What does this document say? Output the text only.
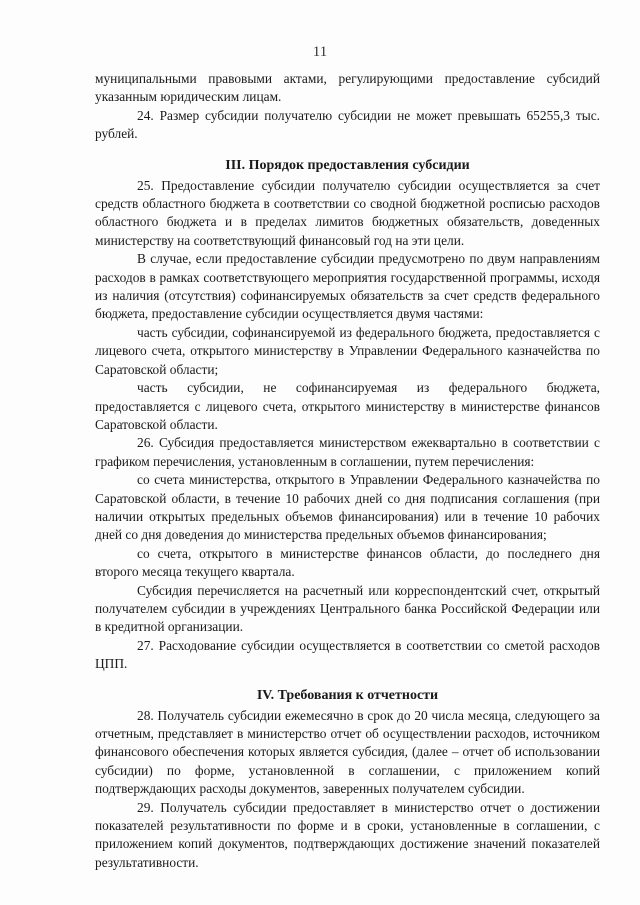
11

муниципальными правовыми актами, регулирующими предоставление субсидий указанным юридическим лицам.

24. Размер субсидии получателю субсидии не может превышать 65255,3 тыс. рублей.

III. Порядок предоставления субсидии

25. Предоставление субсидии получателю субсидии осуществляется за счет средств областного бюджета в соответствии со сводной бюджетной росписью расходов областного бюджета и в пределах лимитов бюджетных обязательств, доведенных министерству на соответствующий финансовый год на эти цели.

В случае, если предоставление субсидии предусмотрено по двум направлениям расходов в рамках соответствующего мероприятия государственной программы, исходя из наличия (отсутствия) софинансируемых обязательств за счет средств федерального бюджета, предоставление субсидии осуществляется двумя частями:

часть субсидии, софинансируемой из федерального бюджета, предоставляется с лицевого счета, открытого министерству в Управлении Федерального казначейства по Саратовской области;

часть субсидии, не софинансируемая из федерального бюджета, предоставляется с лицевого счета, открытого министерству в министерстве финансов Саратовской области.

26. Субсидия предоставляется министерством ежеквартально в соответствии с графиком перечисления, установленным в соглашении, путем перечисления:

со счета министерства, открытого в Управлении Федерального казначейства по Саратовской области, в течение 10 рабочих дней со дня подписания соглашения (при наличии открытых предельных объемов финансирования) или в течение 10 рабочих дней со дня доведения до министерства предельных объемов финансирования;

со счета, открытого в министерстве финансов области, до последнего дня второго месяца текущего квартала.

Субсидия перечисляется на расчетный или корреспондентский счет, открытый получателем субсидии в учреждениях Центрального банка Российской Федерации или в кредитной организации.

27. Расходование субсидии осуществляется в соответствии со сметой расходов ЦПП.

IV. Требования к отчетности

28. Получатель субсидии ежемесячно в срок до 20 числа месяца, следующего за отчетным, представляет в министерство отчет об осуществлении расходов, источником финансового обеспечения которых является субсидия, (далее – отчет об использовании субсидии) по форме, установленной в соглашении, с приложением копий подтверждающих расходы документов, заверенных получателем субсидии.

29. Получатель субсидии предоставляет в министерство отчет о достижении показателей результативности по форме и в сроки, установленные в соглашении, с приложением копий документов, подтверждающих достижение значений показателей результативности.
